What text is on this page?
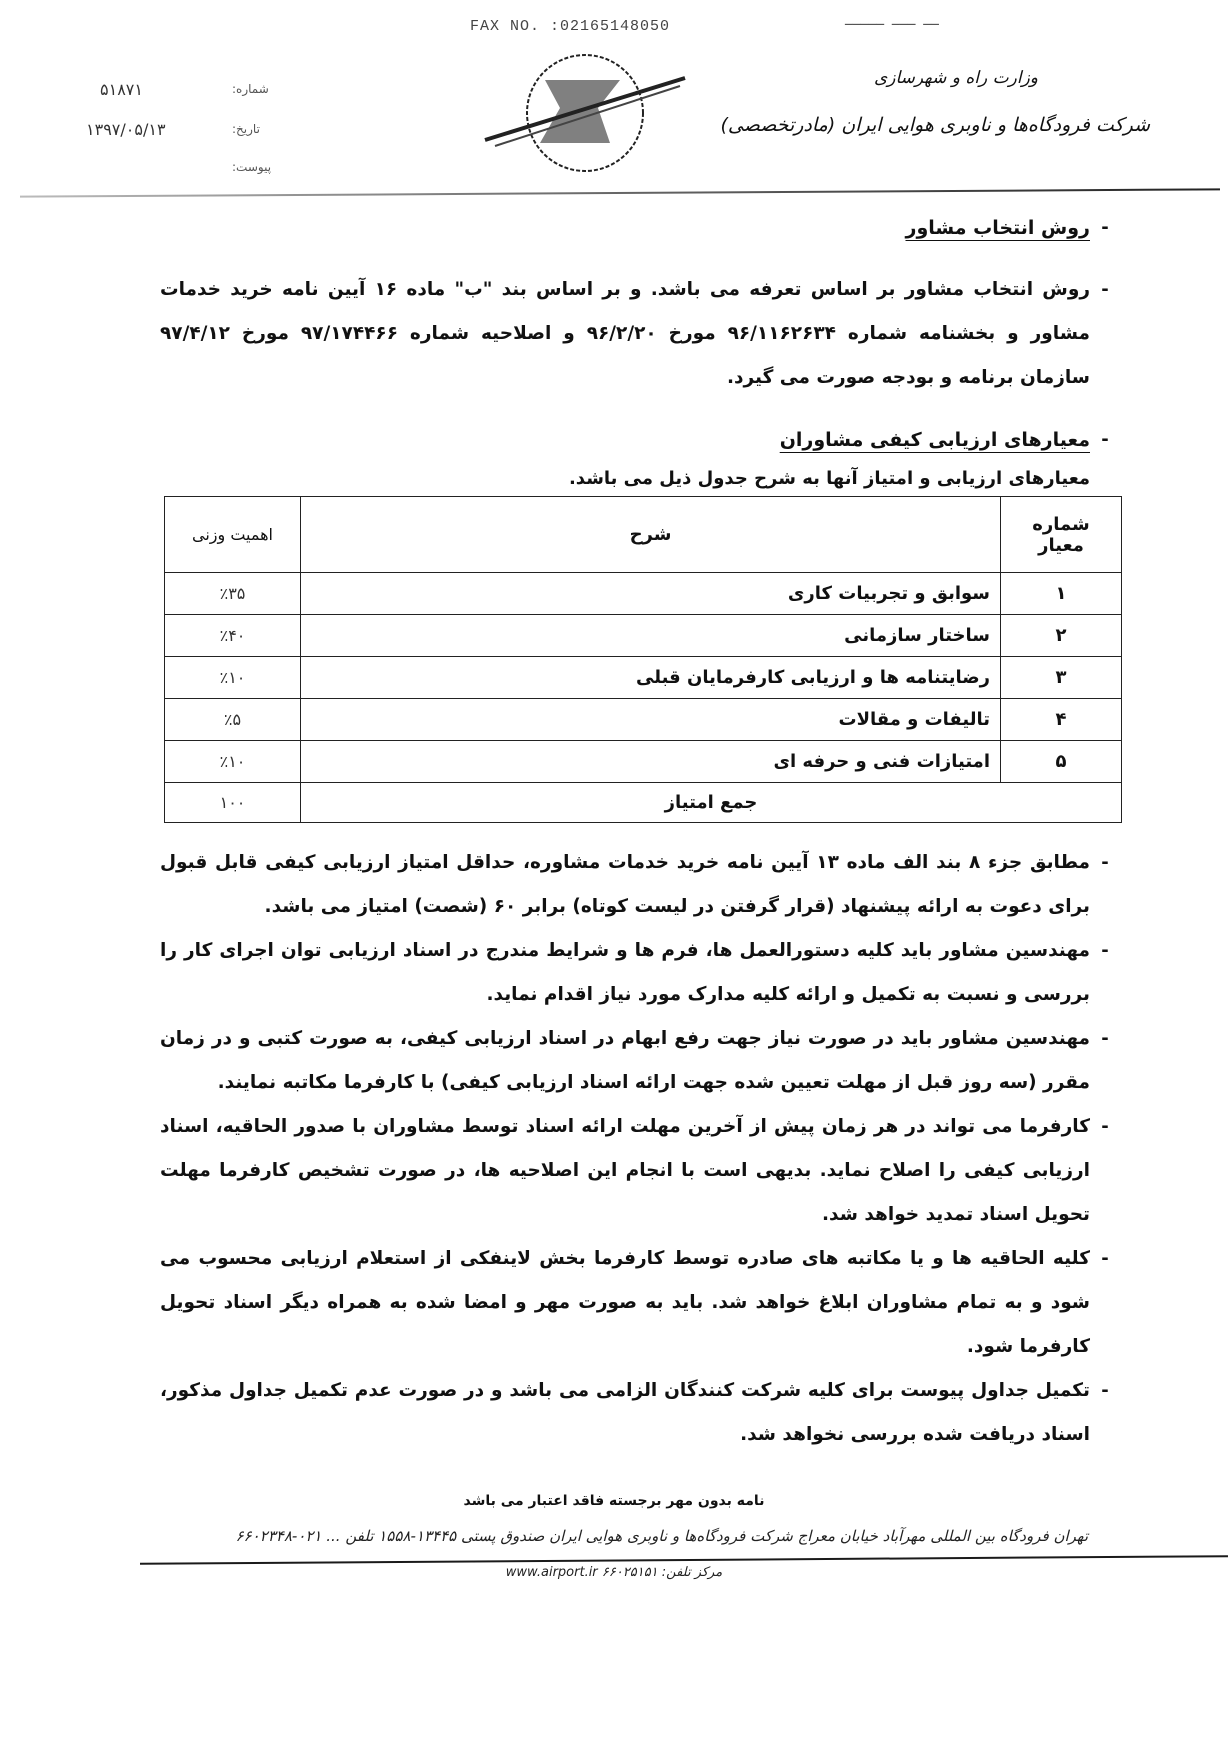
FAX NO. :02165148050	ــ ـــ ـــــ
شماره:
۵۱۸۷۱
تاریخ:
۱۳۹۷/۰۵/۱۳
پیوست:
وزارت راه و شهرسازی
شرکت فرودگاه‌ها و ناوبری هوایی ایران (مادرتخصصی)
-
روش انتخاب مشاور
-
روش انتخاب مشاور بر اساس تعرفه می باشد. و بر اساس بند "ب" ماده ۱۶ آیین نامه خرید خدمات مشاور و بخشنامه شماره ۹۶/۱۱۶۲۶۳۴ مورخ ۹۶/۲/۲۰ و اصلاحیه شماره ۹۷/۱۷۴۴۶۶ مورخ ۹۷/۴/۱۲ سازمان برنامه و بودجه صورت می گیرد.
-
معیارهای ارزیابی کیفی مشاوران
معیارهای ارزیابی و امتیاز آنها به شرح جدول ذیل می باشد.
شماره معیار	شرح	اهمیت وزنی
۱	سوابق و تجربیات کاری	٪۳۵
۲	ساختار سازمانی	٪۴۰
۳	رضایتنامه ها و ارزیابی کارفرمایان قبلی	٪۱۰
۴	تالیفات و مقالات	٪۵
۵	امتیازات فنی و حرفه ای	٪۱۰
جمع امتیاز		۱۰۰
-
مطابق جزء ۸ بند الف ماده ۱۳ آیین نامه خرید خدمات مشاوره، حداقل امتیاز ارزیابی کیفی قابل قبول برای دعوت به ارائه پیشنهاد (قرار گرفتن در لیست کوتاه) برابر ۶۰ (شصت) امتیاز می باشد.
-
مهندسین مشاور باید کلیه دستورالعمل ها، فرم ها و شرایط مندرج در اسناد ارزیابی توان اجرای کار را بررسی و نسبت به تکمیل و ارائه کلیه مدارک مورد نیاز اقدام نماید.
-
مهندسین مشاور باید در صورت نیاز جهت رفع ابهام در اسناد ارزیابی کیفی، به صورت کتبی و در زمان مقرر (سه روز قبل از مهلت تعیین شده جهت ارائه اسناد ارزیابی کیفی) با کارفرما مکاتبه نمایند.
-
کارفرما می تواند در هر زمان پیش از آخرین مهلت ارائه اسناد توسط مشاوران با صدور الحاقیه، اسناد ارزیابی کیفی را اصلاح نماید. بدیهی است با انجام این اصلاحیه ها، در صورت تشخیص کارفرما مهلت تحویل اسناد تمدید خواهد شد.
-
کلیه الحاقیه ها و یا مکاتبه های صادره توسط کارفرما بخش لاینفکی از استعلام ارزیابی محسوب می شود و به تمام مشاوران ابلاغ خواهد شد. باید به صورت مهر و امضا شده به همراه دیگر اسناد تحویل کارفرما شود.
-
تکمیل جداول پیوست برای کلیه شرکت کنندگان الزامی می باشد و در صورت عدم تکمیل جداول مذکور، اسناد دریافت شده بررسی نخواهد شد.
نامه بدون مهر برجسته فاقد اعتبار می باشد
تهران فرودگاه بین المللی مهرآباد خیابان معراج شرکت فرودگاه‌ها و ناوبری هوایی ایران صندوق پستی ۱۳۴۴۵-۱۵۵۸ تلفن ... ۰۲۱-۶۶۰۲۳۴۸
مرکز تلفن: ۶۶۰۲۵۱۵۱ www.airport.ir
